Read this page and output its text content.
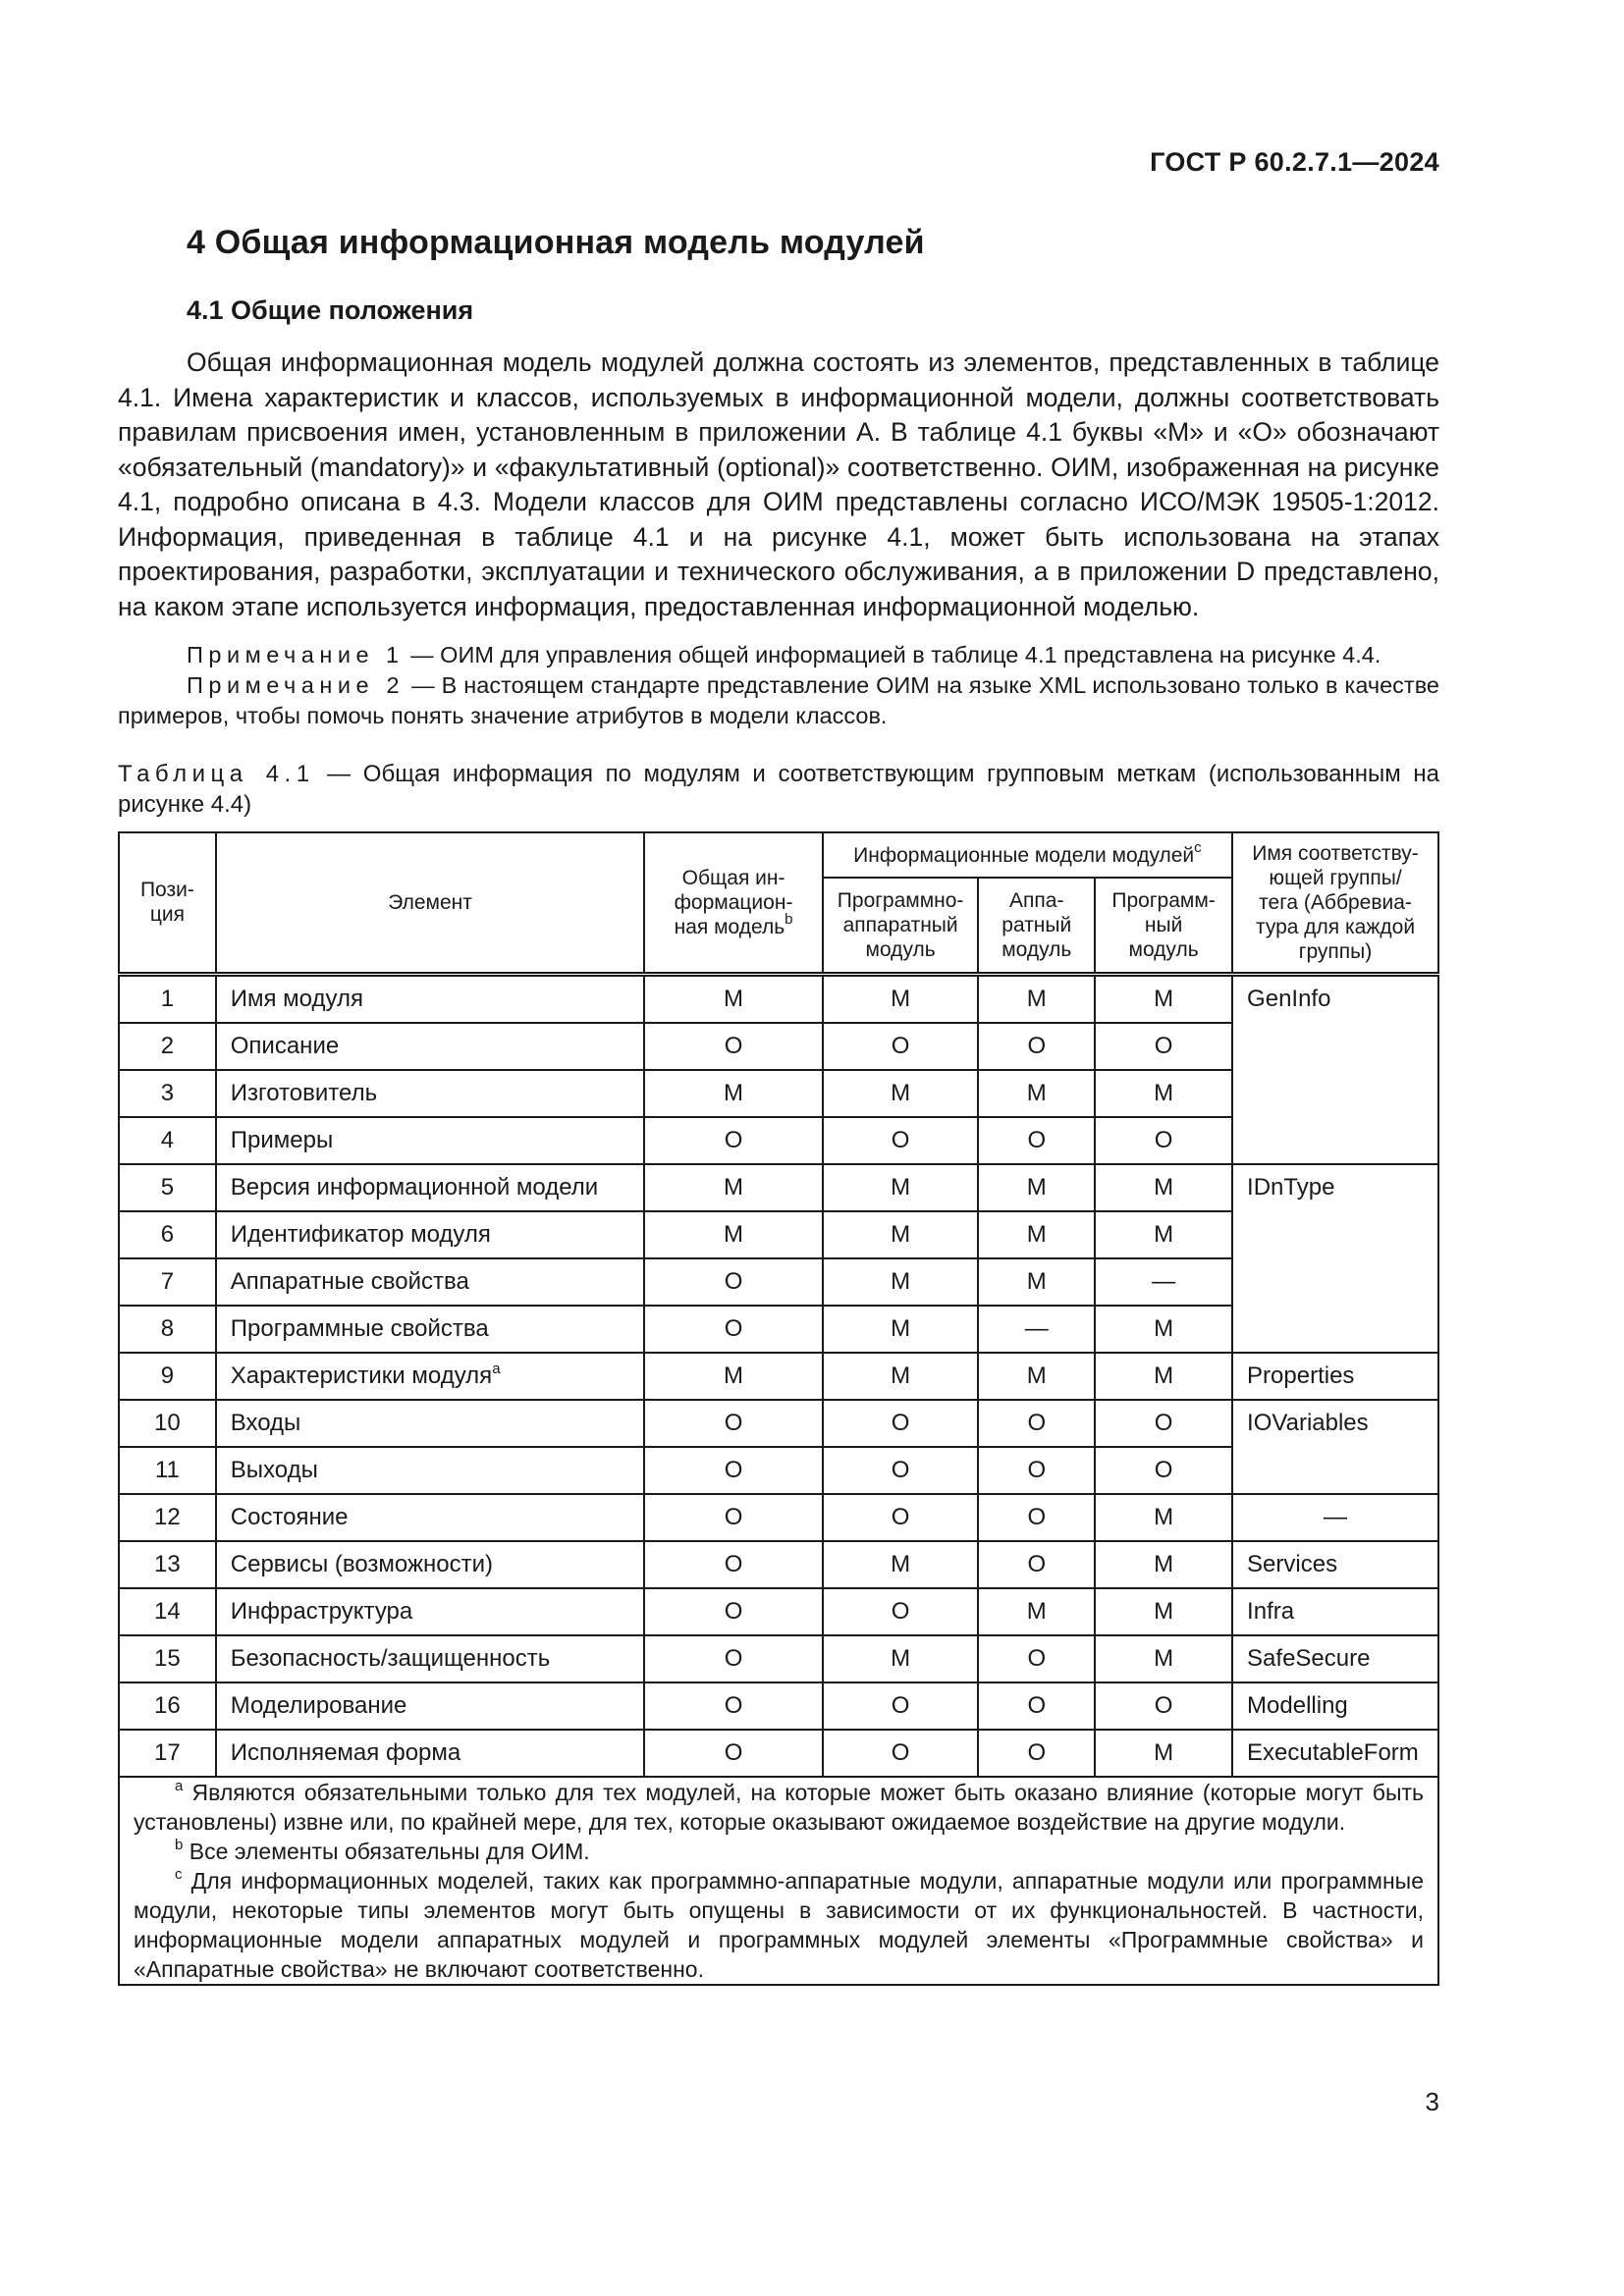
ГОСТ Р 60.2.7.1—2024
4 Общая информационная модель модулей
4.1 Общие положения

Общая информационная модель модулей должна состоять из элементов, представленных в таблице 4.1. Имена характеристик и классов, используемых в информационной модели, должны соответствовать правилам присвоения имен, установленным в приложении А. В таблице 4.1 буквы «М» и «О» обозначают «обязательный (mandatory)» и «факультативный (optional)» соответственно. ОИМ, изображенная на рисунке 4.1, подробно описана в 4.3. Модели классов для ОИМ представлены согласно ИСО/МЭК 19505-1:2012. Информация, приведенная в таблице 4.1 и на рисунке 4.1, может быть использована на этапах проектирования, разработки, эксплуатации и технического обслуживания, а в приложении D представлено, на каком этапе используется информация, предоставленная информационной моделью.

Примечание 1 — ОИМ для управления общей информацией в таблице 4.1 представлена на рисунке 4.4.

Примечание 2 — В настоящем стандарте представление ОИМ на языке XML использовано только в качестве примеров, чтобы помочь понять значение атрибутов в модели классов.

Таблица 4.1 — Общая информация по модулям и соответствующим групповым меткам (использованным на рисунке 4.4)
Пози-ция	Элемент	Общая ин-формацион-ная модель$^b$	Информационные модели модулей$^c$			Имя соответству-ющей группы/ тега (Аббревиа-тура для каждой группы)
			Программно-аппаратный модуль	Аппа-ратный модуль	Программ-ный модуль	
1	Имя модуля	М	М	М	М	GenInfo
2	Описание	О	О	О	О	
3	Изготовитель	М	М	М	М	
4	Примеры	О	О	О	О	
5	Версия информационной модели	М	М	М	М	IDnType
6	Идентификатор модуля	М	М	М	М	
7	Аппаратные свойства	О	М	М	—	
8	Программные свойства	О	М	—	М	
9	Характеристики модуля$^a$	М	М	М	М	Properties
10	Входы	О	О	О	О	IOVariables
11	Выходы	О	О	О	О	
12	Состояние	О	О	О	М	—
13	Сервисы (возможности)	О	М	О	М	Services
14	Инфраструктура	О	О	М	М	Infra
15	Безопасность/защищенность	О	М	О	М	SafeSecure
16	Моделирование	О	О	О	О	Modelling
17	Исполняемая форма	О	О	О	М	ExecutableForm

$^a$ Являются обязательными только для тех модулей, на которые может быть оказано влияние (которые могут быть установлены) извне или, по крайней мере, для тех, которые оказывают ожидаемое воздействие на другие модули.

$^b$ Все элементы обязательны для ОИМ.

$^c$ Для информационных моделей, таких как программно-аппаратные модули, аппаратные модули или программные модули, некоторые типы элементов могут быть опущены в зависимости от их функциональностей. В частности, информационные модели аппаратных модулей и программных модулей элементы «Программные свойства» и «Аппаратные свойства» не включают соответственно.						

3
